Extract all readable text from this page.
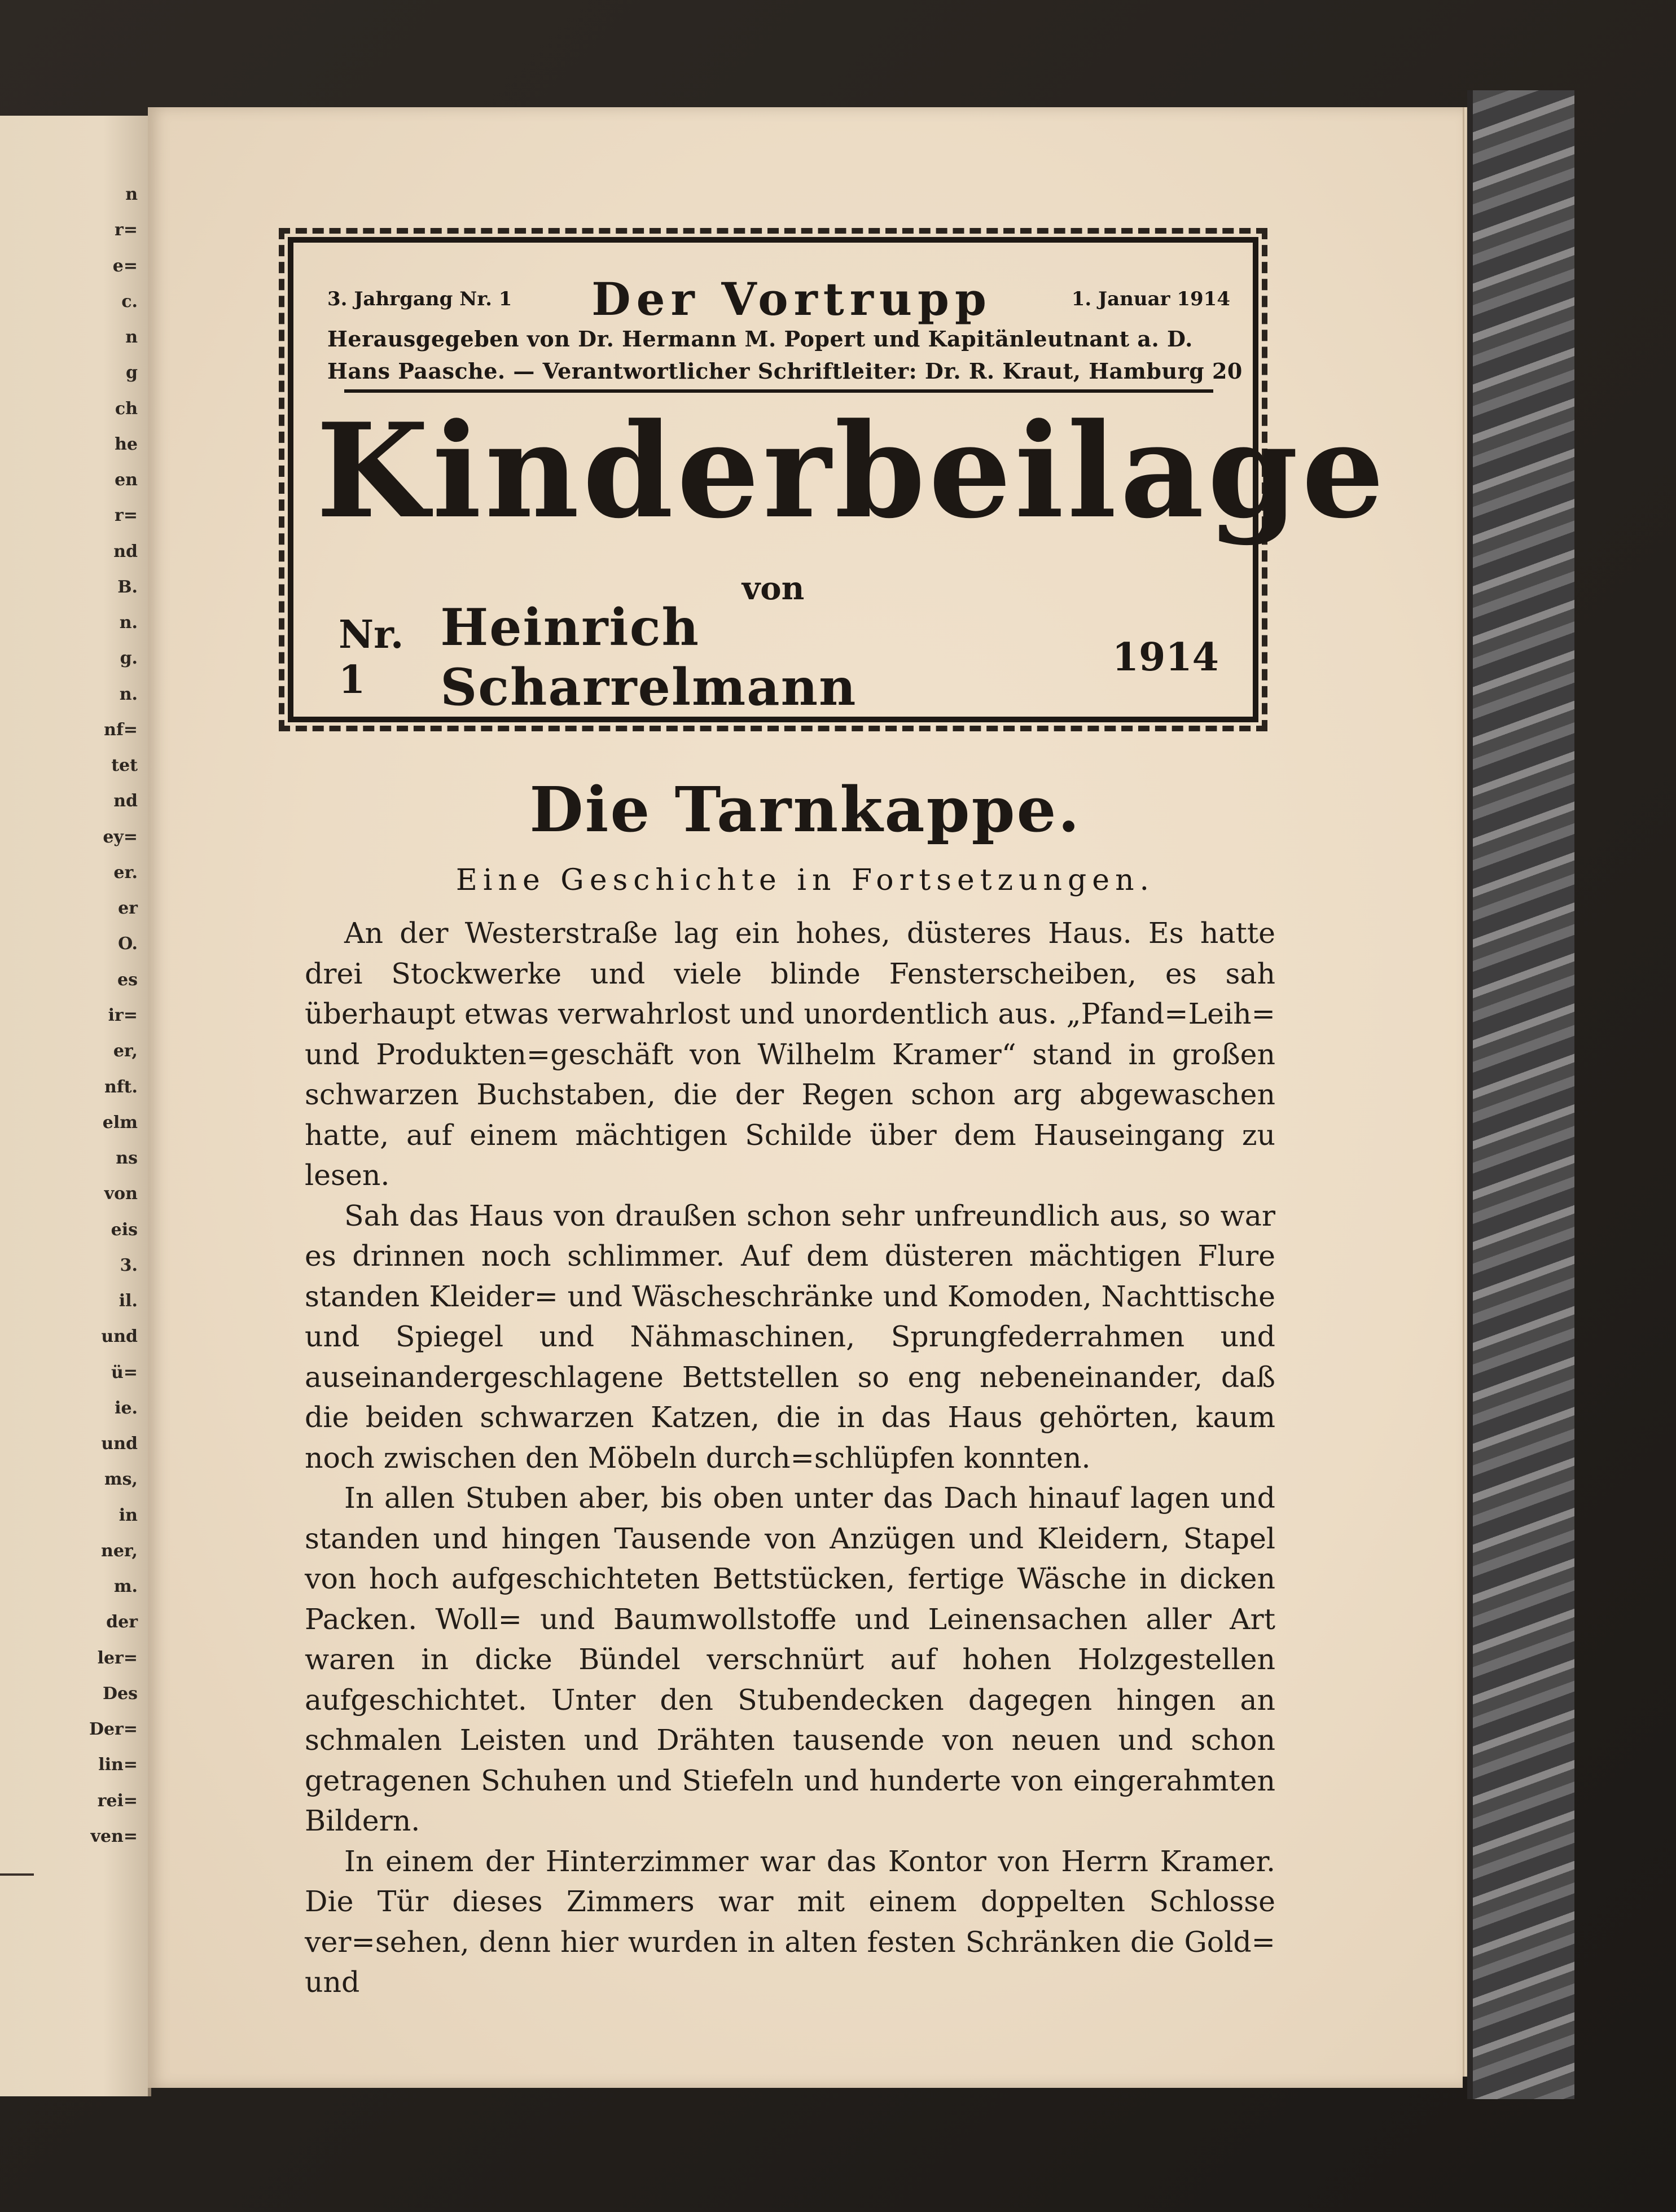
n
r=
e=
c.
n
g
ch
he
en
r=
nd
B.
n.
g.
n.
nf=
tet
nd
ey=
er.
er
O.
es
ir=
er,
nft.
elm
ns
von
eis
3.
il.
und
ü=
ie.
und
ms,
in
ner,
m.
der
ler=
Des
Der=
lin=
rei=
ven=
3. Jahrgang Nr. 1 Der Vortrupp	1. Januar 1914
Herausgegeben von Dr. Hermann M. Popert und Kapitänleutnant a. D.
Hans Paasche. — Verantwortlicher Schriftleiter: Dr. R. Kraut, Hamburg 20
Kinderbeilage
von
Nr. 1
Heinrich Scharrelmann	1914
Die Tarnkappe.
Eine Geschichte in Fortsetzungen.

An der Westerstraße lag ein hohes, düsteres Haus. Es hatte drei Stockwerke und viele blinde Fensterscheiben, es sah überhaupt etwas verwahrlost und unordentlich aus. „Pfand=Leih= und Produkten=geschäft von Wilhelm Kramer“ stand in großen schwarzen Buchstaben, die der Regen schon arg abgewaschen hatte, auf einem mächtigen Schilde über dem Hauseingang zu lesen.

Sah das Haus von draußen schon sehr unfreundlich aus, so war es drinnen noch schlimmer. Auf dem düsteren mächtigen Flure standen Kleider= und Wäscheschränke und Komoden, Nachttische und Spiegel und Nähmaschinen, Sprungfederrahmen und auseinandergeschlagene Bettstellen so eng nebeneinander, daß die beiden schwarzen Katzen, die in das Haus gehörten, kaum noch zwischen den Möbeln durch=schlüpfen konnten.

In allen Stuben aber, bis oben unter das Dach hinauf lagen und standen und hingen Tausende von Anzügen und Kleidern, Stapel von hoch aufgeschichteten Bettstücken, fertige Wäsche in dicken Packen. Woll= und Baumwollstoffe und Leinensachen aller Art waren in dicke Bündel verschnürt auf hohen Holzgestellen aufgeschichtet. Unter den Stubendecken dagegen hingen an schmalen Leisten und Drähten tausende von neuen und schon getragenen Schuhen und Stiefeln und hunderte von eingerahmten Bildern.

In einem der Hinterzimmer war das Kontor von Herrn Kramer. Die Tür dieses Zimmers war mit einem doppelten Schlosse ver=sehen, denn hier wurden in alten festen Schränken die Gold= und
